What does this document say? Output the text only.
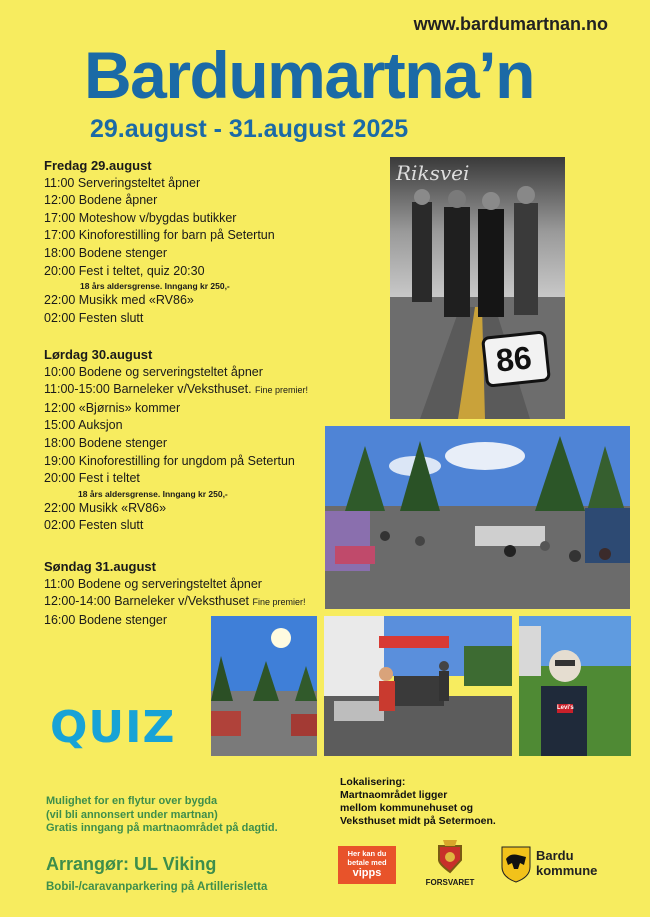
www.bardumartnan.no
Bardumartna’n
29.august - 31.august 2025
Fredag 29.august
11:00 Serveringsteltet åpner
12:00 Bodene åpner
17:00 Moteshow v/bygdas butikker
17:00 Kinoforestilling for barn på Setertun
18:00 Bodene stenger
20:00 Fest i teltet, quiz 20:30
18 års aldersgrense. Inngang kr 250,-
22:00 Musikk med «RV86»
02:00 Festen slutt
Lørdag 30.august
10:00 Bodene og serveringsteltet åpner
11:00-15:00 Barneleker v/Veksthuset. Fine premier!
12:00 «Bjørnis» kommer
15:00 Auksjon
18:00 Bodene stenger
19:00 Kinoforestilling for ungdom på Setertun
20:00 Fest i teltet
18 års aldersgrense. Inngang kr 250,-
22:00 Musikk «RV86»
02:00 Festen slutt
Søndag 31.august
11:00 Bodene og serveringsteltet åpner
12:00-14:00 Barneleker v/Veksthuset Fine premier!
16:00 Bodene stenger
Riksvei
86
Levi's
QUIZ
Mulighet for en flytur over bygda
(vil bli annonsert under martnan)
Gratis inngang på martnaområdet på dagtid.
Arrangør: UL Viking
Bobil-/caravanparkering på Artillerisletta
Lokalisering:
Martnaområdet ligger
mellom kommunehuset og
Veksthuset midt på Setermoen.
Her kan du
betale med
vipps
FORSVARET
Bardu
kommune
